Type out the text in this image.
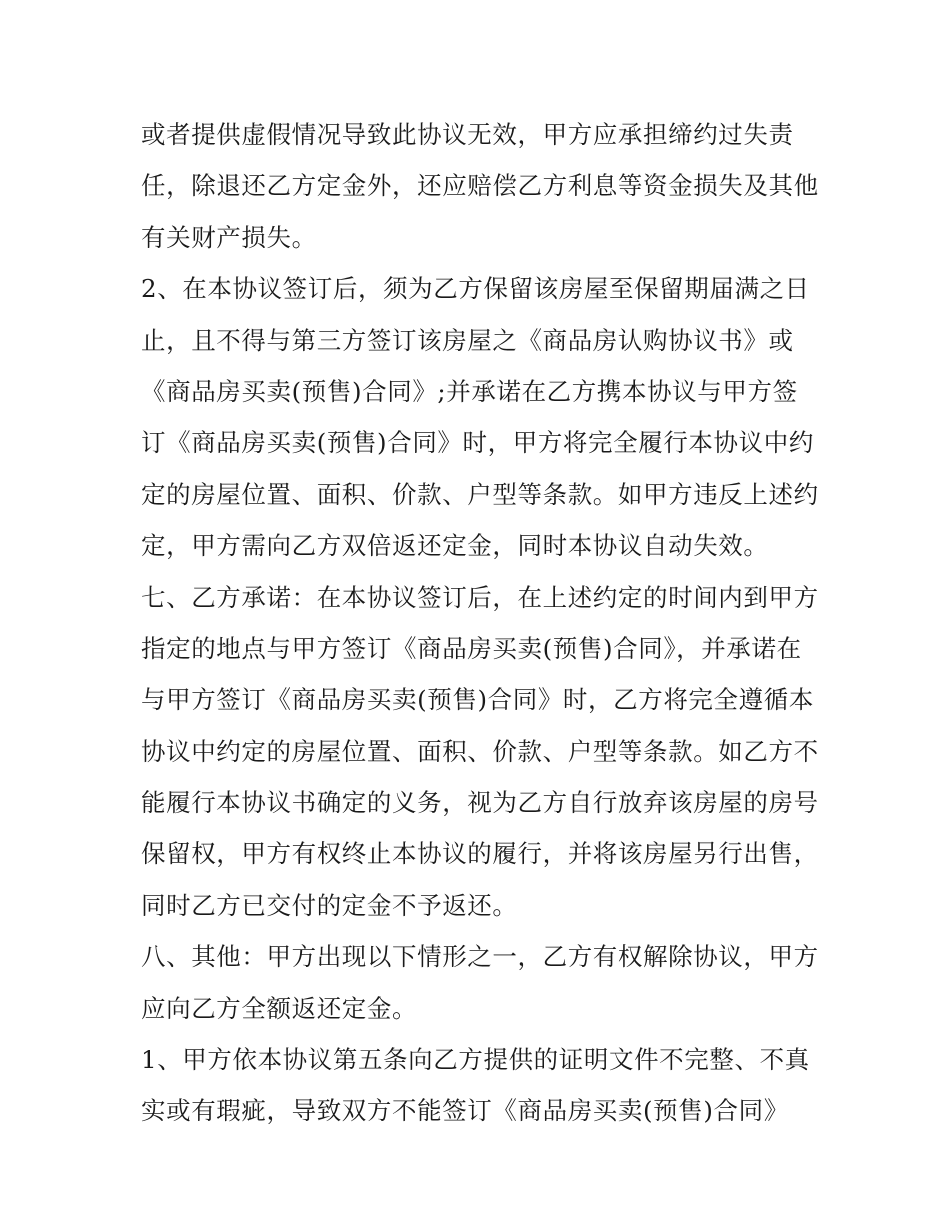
或者提供虚假情况导致此协议无效，甲方应承担缔约过失责
任，除退还乙方定金外，还应赔偿乙方利息等资金损失及其他
有关财产损失。
2、在本协议签订后，须为乙方保留该房屋至保留期届满之日
止，且不得与第三方签订该房屋之《商品房认购协议书》或
《商品房买卖(预售)合同》;并承诺在乙方携本协议与甲方签
订《商品房买卖(预售)合同》时，甲方将完全履行本协议中约
定的房屋位置、面积、价款、户型等条款。如甲方违反上述约
定，甲方需向乙方双倍返还定金，同时本协议自动失效。
七、乙方承诺：在本协议签订后，在上述约定的时间内到甲方
指定的地点与甲方签订《商品房买卖(预售)合同》，并承诺在
与甲方签订《商品房买卖(预售)合同》时，乙方将完全遵循本
协议中约定的房屋位置、面积、价款、户型等条款。如乙方不
能履行本协议书确定的义务，视为乙方自行放弃该房屋的房号
保留权，甲方有权终止本协议的履行，并将该房屋另行出售，
同时乙方已交付的定金不予返还。
八、其他：甲方出现以下情形之一，乙方有权解除协议，甲方
应向乙方全额返还定金。
1、甲方依本协议第五条向乙方提供的证明文件不完整、不真
实或有瑕疵，导致双方不能签订《商品房买卖(预售)合同》
